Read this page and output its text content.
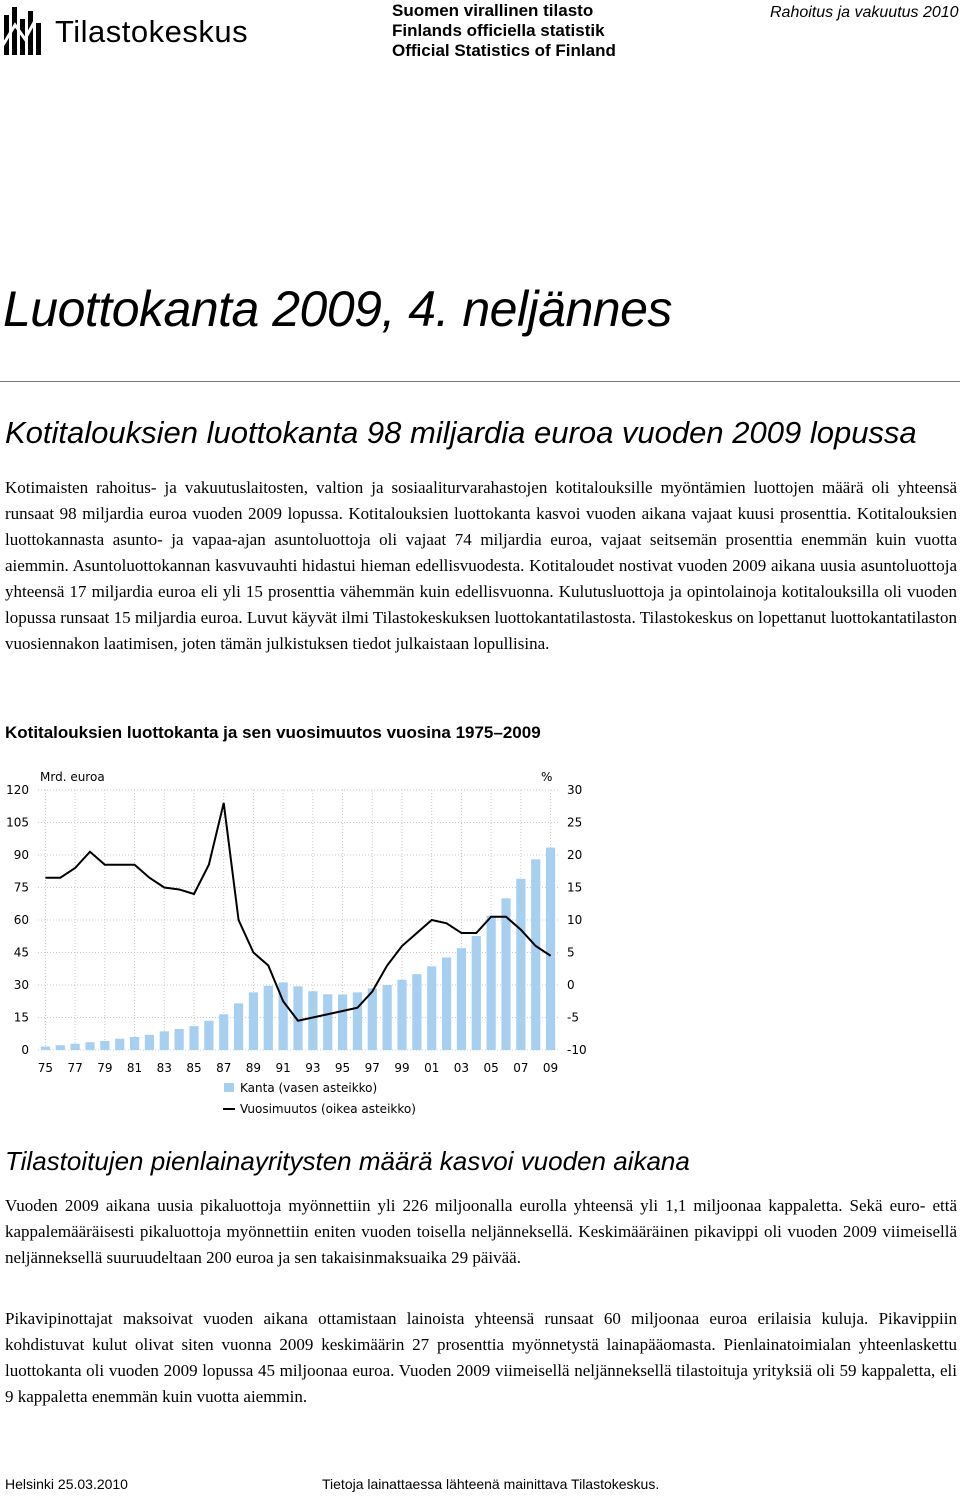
Tilastokeskus
Suomen virallinen tilasto
Finlands officiella statistik
Official Statistics of Finland
Rahoitus ja vakuutus 2010
Luottokanta 2009, 4. neljännes
Kotitalouksien luottokanta 98 miljardia euroa vuoden 2009 lopussa

Kotimaisten rahoitus- ja vakuutuslaitosten, valtion ja sosiaaliturvarahastojen kotitalouksille myöntämien luottojen määrä oli yhteensä runsaat 98 miljardia euroa vuoden 2009 lopussa. Kotitalouksien luottokanta kasvoi vuoden aikana vajaat kuusi prosenttia. Kotitalouksien luottokannasta asunto- ja vapaa-ajan asuntoluottoja oli vajaat 74 miljardia euroa, vajaat seitsemän prosenttia enemmän kuin vuotta aiemmin. Asuntoluottokannan kasvuvauhti hidastui hieman edellisvuodesta. Kotitaloudet nostivat vuoden 2009 aikana uusia asuntoluottoja yhteensä 17 miljardia euroa eli yli 15 prosenttia vähemmän kuin edellisvuonna. Kulutusluottoja ja opintolainoja kotitalouksilla oli vuoden lopussa runsaat 15 miljardia euroa. Luvut käyvät ilmi Tilastokeskuksen luottokantatilastosta. Tilastokeskus on lopettanut luottokantatilaston vuosiennakon laatimisen, joten tämän julkistuksen tiedot julkaistaan lopullisina.

Kotitalouksien luottokanta ja sen vuosimuutos vuosina 1975–2009
0	-10
15	-5
30	0
45	5
60	10
75	15
90	20
105	25
120	30
75 77 79 81 83 85 87 89 91 93 95 97 99 01 03 05 07 09
Mrd. euroa	%
Kanta (vasen asteikko)
Vuosimuutos (oikea asteikko)
Tilastoitujen pienlainayritysten määrä kasvoi vuoden aikana

Vuoden 2009 aikana uusia pikaluottoja myönnettiin yli 226 miljoonalla eurolla yhteensä yli 1,1 miljoonaa kappaletta. Sekä euro- että kappalemääräisesti pikaluottoja myönnettiin eniten vuoden toisella neljänneksellä. Keskimääräinen pikavippi oli vuoden 2009 viimeisellä neljänneksellä suuruudeltaan 200 euroa ja sen takaisinmaksuaika 29 päivää.

Pikavipinottajat maksoivat vuoden aikana ottamistaan lainoista yhteensä runsaat 60 miljoonaa euroa erilaisia kuluja. Pikavippiin kohdistuvat kulut olivat siten vuonna 2009 keskimäärin 27 prosenttia myönnetystä lainapääomasta. Pienlainatoimialan yhteenlaskettu luottokanta oli vuoden 2009 lopussa 45 miljoonaa euroa. Vuoden 2009 viimeisellä neljänneksellä tilastoituja yrityksiä oli 59 kappaletta, eli 9 kappaletta enemmän kuin vuotta aiemmin.

Helsinki 25.03.2010	Tietoja lainattaessa lähteenä mainittava Tilastokeskus.
